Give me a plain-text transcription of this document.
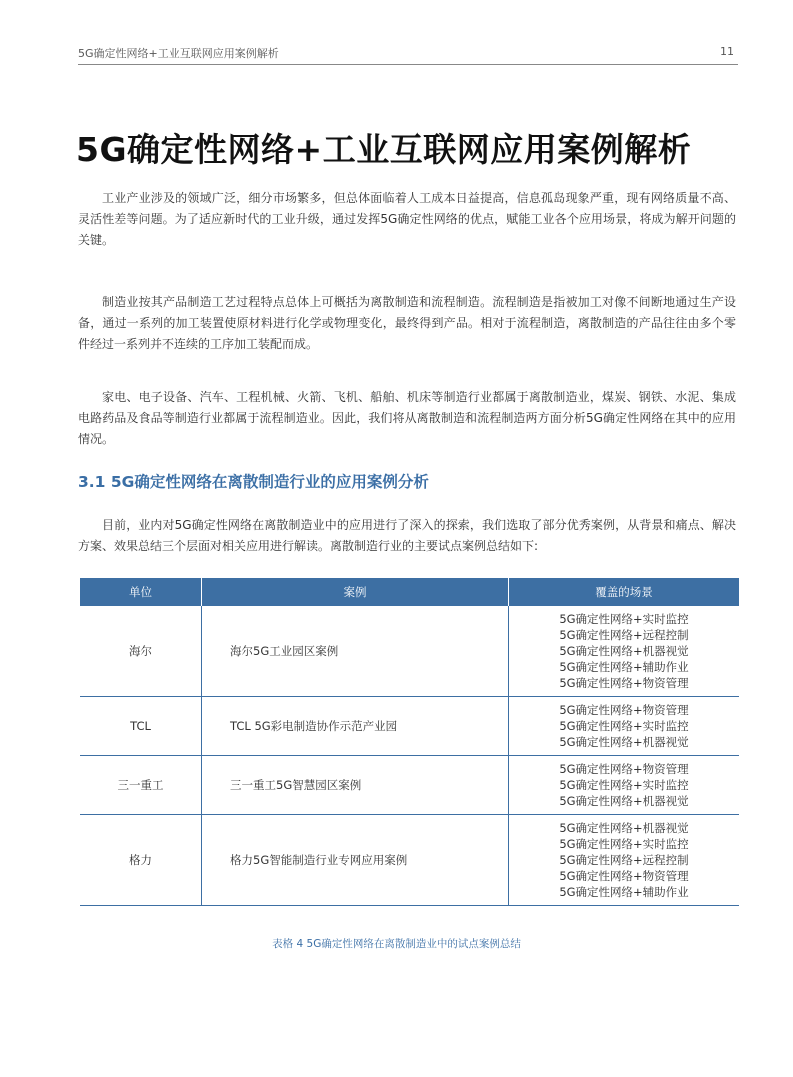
5G确定性网络+工业互联网应用案例解析	11
5G确定性网络+工业互联网应用案例解析

工业产业涉及的领域广泛，细分市场繁多，但总体面临着人工成本日益提高，信息孤岛现象严重，现有网络质量不高、灵活性差等问题。为了适应新时代的工业升级，通过发挥5G确定性网络的优点，赋能工业各个应用场景，将成为解开问题的关键。

制造业按其产品制造工艺过程特点总体上可概括为离散制造和流程制造。流程制造是指被加工对像不间断地通过生产设备，通过一系列的加工装置使原材料进行化学或物理变化，最终得到产品。相对于流程制造，离散制造的产品往往由多个零件经过一系列并不连续的工序加工装配而成。

家电、电子设备、汽车、工程机械、火箭、飞机、船舶、机床等制造行业都属于离散制造业，煤炭、钢铁、水泥、集成电路药品及食品等制造行业都属于流程制造业。因此，我们将从离散制造和流程制造两方面分析5G确定性网络在其中的应用情况。

3.1 5G确定性网络在离散制造行业的应用案例分析

目前，业内对5G确定性网络在离散制造业中的应用进行了深入的探索，我们选取了部分优秀案例，从背景和痛点、解决方案、效果总结三个层面对相关应用进行解读。离散制造行业的主要试点案例总结如下:

单位	案例	覆盖的场景
海尔	海尔5G工业园区案例	5G确定性网络+实时监控
5G确定性网络+远程控制
5G确定性网络+机器视觉
5G确定性网络+辅助作业
5G确定性网络+物资管理

TCL	TCL 5G彩电制造协作示范产业园	5G确定性网络+物资管理
5G确定性网络+实时监控
5G确定性网络+机器视觉

三一重工	三一重工5G智慧园区案例	5G确定性网络+物资管理
5G确定性网络+实时监控
5G确定性网络+机器视觉

格力	格力5G智能制造行业专网应用案例	5G确定性网络+机器视觉
5G确定性网络+实时监控
5G确定性网络+远程控制
5G确定性网络+物资管理
5G确定性网络+辅助作业
表格 4 5G确定性网络在离散制造业中的试点案例总结
